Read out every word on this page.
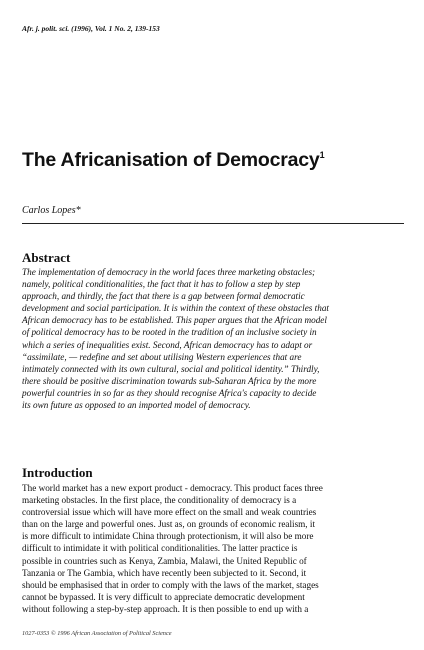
Afr. j. polit. sci. (1996), Vol. 1 No. 2, 139-153
The Africanisation of Democracy$^1$
Carlos Lopes*
Abstract
The implementation of democracy in the world faces three marketing obstacles;
namely, political conditionalities, the fact that it has to follow a step by step
approach, and thirdly, the fact that there is a gap between formal democratic
development and social participation. It is within the context of these obstacles that
African democracy has to be established. This paper argues that the African model
of political democracy has to be rooted in the tradition of an inclusive society in
which a series of inequalities exist. Second, African democracy has to adapt or
“assimilate, — redefine and set about utilising Western experiences that are
intimately connected with its own cultural, social and political identity.” Thirdly,
there should be positive discrimination towards sub-Saharan Africa by the more
powerful countries in so far as they should recognise Africa's capacity to decide
its own future as opposed to an imported model of democracy.
Introduction
The world market has a new export product - democracy. This product faces three
marketing obstacles. In the first place, the conditionality of democracy is a
controversial issue which will have more effect on the small and weak countries
than on the large and powerful ones. Just as, on grounds of economic realism, it
is more difficult to intimidate China through protectionism, it will also be more
difficult to intimidate it with political conditionalities. The latter practice is
possible in countries such as Kenya, Zambia, Malawi, the United Republic of
Tanzania or The Gambia, which have recently been subjected to it. Second, it
should be emphasised that in order to comply with the laws of the market, stages
cannot be bypassed. It is very difficult to appreciate democratic development
without following a step-by-step approach. It is then possible to end up with a
1027-0353 © 1996 African Association of Political Science
